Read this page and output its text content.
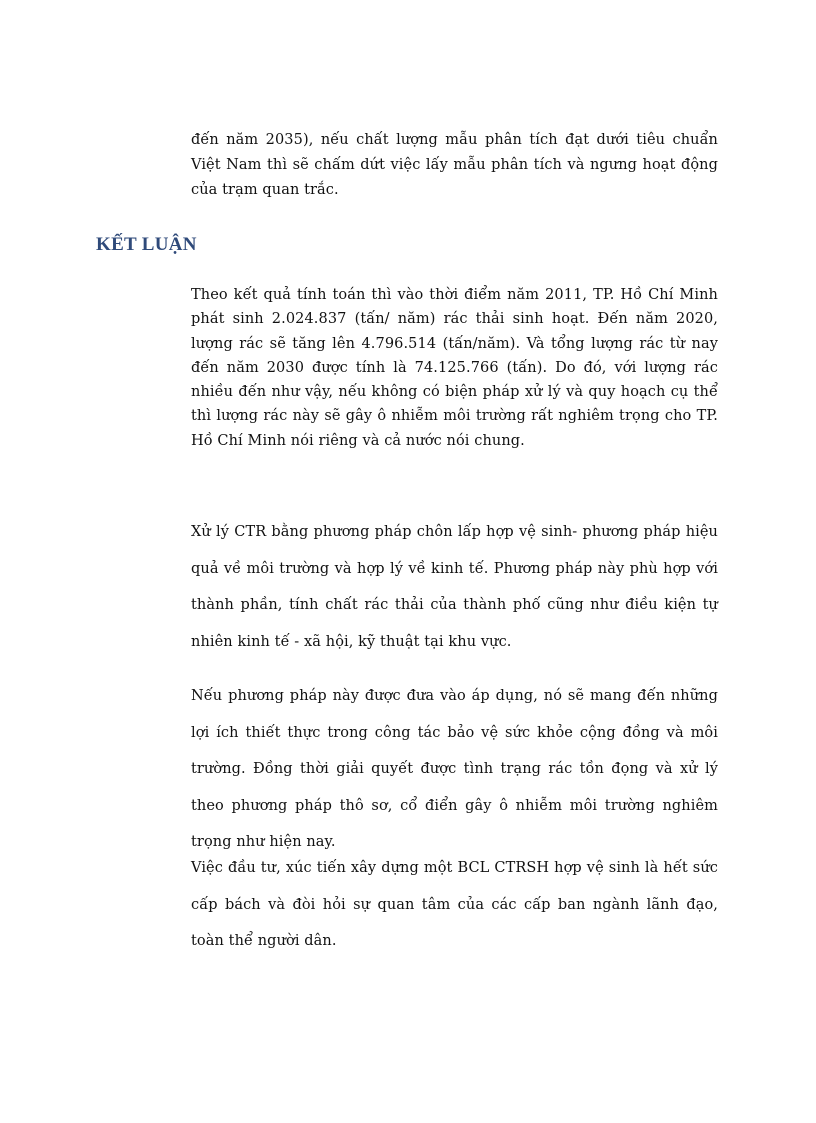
đến năm 2035), nếu chất lượng mẫu phân tích đạt dưới tiêu chuẩn Việt Nam thì sẽ chấm dứt việc lấy mẫu phân tích và ngưng hoạt động của trạm quan trắc.

KẾT LUẬN

Theo kết quả tính toán thì vào thời điểm năm 2011, TP. Hồ Chí Minh phát sinh 2.024.837 (tấn/ năm) rác thải sinh hoạt. Đến năm 2020, lượng rác sẽ tăng lên 4.796.514 (tấn/năm). Và tổng lượng rác từ nay đến năm 2030 được tính là 74.125.766 (tấn). Do đó, với lượng rác nhiều đến như vậy, nếu không có biện pháp xử lý và quy hoạch cụ thể thì lượng rác này sẽ gây ô nhiễm môi trường rất nghiêm trọng cho TP. Hồ Chí Minh nói riêng và cả nước nói chung.

Xử lý CTR bằng phương pháp chôn lấp hợp vệ sinh- phương pháp hiệu quả về môi trường và hợp lý về kinh tế. Phương pháp này phù hợp với thành phần, tính chất rác thải của thành phố cũng như điều kiện tự nhiên kinh tế - xã hội, kỹ thuật tại khu vực.

Nếu phương pháp này được đưa vào áp dụng, nó sẽ mang đến những lợi ích thiết thực trong công tác bảo vệ sức khỏe cộng đồng và môi trường. Đồng thời giải quyết được tình trạng rác tồn đọng và xử lý theo phương pháp thô sơ, cổ điển gây ô nhiễm môi trường nghiêm trọng như hiện nay.

Việc đầu tư, xúc tiến xây dựng một BCL CTRSH hợp vệ sinh là hết sức cấp bách và đòi hỏi sự quan tâm của các cấp ban ngành lãnh đạo, toàn thể người dân.
